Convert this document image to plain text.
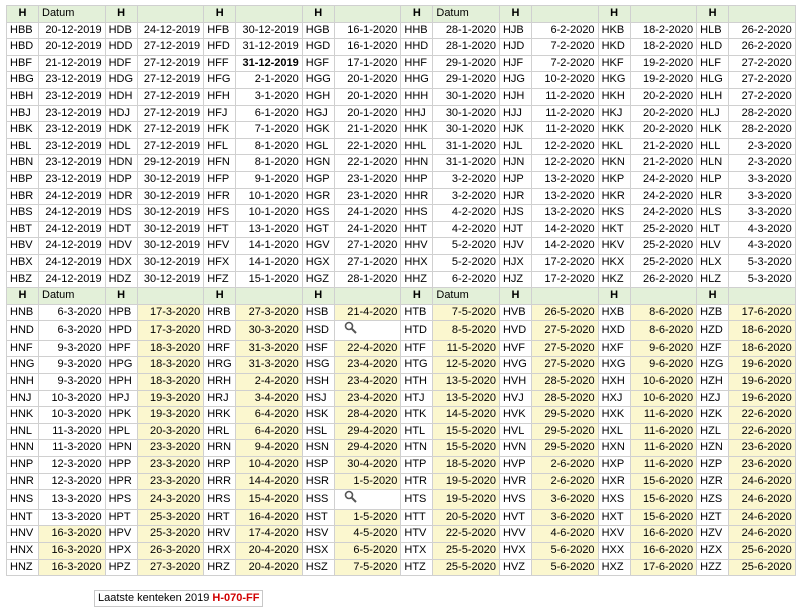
H	Datum	H		H		H		H	Datum	H		H		H	
HBB	20-12-2019	HDB	24-12-2019	HFB	30-12-2019	HGB	16-1-2020	HHB	28-1-2020	HJB	6-2-2020	HKB	18-2-2020	HLB	26-2-2020
HBD	20-12-2019	HDD	27-12-2019	HFD	31-12-2019	HGD	16-1-2020	HHD	28-1-2020	HJD	7-2-2020	HKD	18-2-2020	HLD	26-2-2020
HBF	21-12-2019	HDF	27-12-2019	HFF	31-12-2019	HGF	17-1-2020	HHF	29-1-2020	HJF	7-2-2020	HKF	19-2-2020	HLF	27-2-2020
HBG	23-12-2019	HDG	27-12-2019	HFG	2-1-2020	HGG	20-1-2020	HHG	29-1-2020	HJG	10-2-2020	HKG	19-2-2020	HLG	27-2-2020
HBH	23-12-2019	HDH	27-12-2019	HFH	3-1-2020	HGH	20-1-2020	HHH	30-1-2020	HJH	11-2-2020	HKH	20-2-2020	HLH	27-2-2020
HBJ	23-12-2019	HDJ	27-12-2019	HFJ	6-1-2020	HGJ	20-1-2020	HHJ	30-1-2020	HJJ	11-2-2020	HKJ	20-2-2020	HLJ	28-2-2020
HBK	23-12-2019	HDK	27-12-2019	HFK	7-1-2020	HGK	21-1-2020	HHK	30-1-2020	HJK	11-2-2020	HKK	20-2-2020	HLK	28-2-2020
HBL	23-12-2019	HDL	27-12-2019	HFL	8-1-2020	HGL	22-1-2020	HHL	31-1-2020	HJL	12-2-2020	HKL	21-2-2020	HLL	2-3-2020
HBN	23-12-2019	HDN	29-12-2019	HFN	8-1-2020	HGN	22-1-2020	HHN	31-1-2020	HJN	12-2-2020	HKN	21-2-2020	HLN	2-3-2020
HBP	23-12-2019	HDP	30-12-2019	HFP	9-1-2020	HGP	23-1-2020	HHP	3-2-2020	HJP	13-2-2020	HKP	24-2-2020	HLP	3-3-2020
HBR	24-12-2019	HDR	30-12-2019	HFR	10-1-2020	HGR	23-1-2020	HHR	3-2-2020	HJR	13-2-2020	HKR	24-2-2020	HLR	3-3-2020
HBS	24-12-2019	HDS	30-12-2019	HFS	10-1-2020	HGS	24-1-2020	HHS	4-2-2020	HJS	13-2-2020	HKS	24-2-2020	HLS	3-3-2020
HBT	24-12-2019	HDT	30-12-2019	HFT	13-1-2020	HGT	24-1-2020	HHT	4-2-2020	HJT	14-2-2020	HKT	25-2-2020	HLT	4-3-2020
HBV	24-12-2019	HDV	30-12-2019	HFV	14-1-2020	HGV	27-1-2020	HHV	5-2-2020	HJV	14-2-2020	HKV	25-2-2020	HLV	4-3-2020
HBX	24-12-2019	HDX	30-12-2019	HFX	14-1-2020	HGX	27-1-2020	HHX	5-2-2020	HJX	17-2-2020	HKX	25-2-2020	HLX	5-3-2020
HBZ	24-12-2019	HDZ	30-12-2019	HFZ	15-1-2020	HGZ	28-1-2020	HHZ	6-2-2020	HJZ	17-2-2020	HKZ	26-2-2020	HLZ	5-3-2020
H	Datum	H		H		H		H	Datum	H		H		H	
HNB	6-3-2020	HPB	17-3-2020	HRB	27-3-2020	HSB	21-4-2020	HTB	7-5-2020	HVB	26-5-2020	HXB	8-6-2020	HZB	17-6-2020
HND	6-3-2020	HPD	17-3-2020	HRD	30-3-2020	HSD		HTD	8-5-2020	HVD	27-5-2020	HXD	8-6-2020	HZD	18-6-2020
HNF	9-3-2020	HPF	18-3-2020	HRF	31-3-2020	HSF	22-4-2020	HTF	11-5-2020	HVF	27-5-2020	HXF	9-6-2020	HZF	18-6-2020
HNG	9-3-2020	HPG	18-3-2020	HRG	31-3-2020	HSG	23-4-2020	HTG	12-5-2020	HVG	27-5-2020	HXG	9-6-2020	HZG	19-6-2020
HNH	9-3-2020	HPH	18-3-2020	HRH	2-4-2020	HSH	23-4-2020	HTH	13-5-2020	HVH	28-5-2020	HXH	10-6-2020	HZH	19-6-2020
HNJ	10-3-2020	HPJ	19-3-2020	HRJ	3-4-2020	HSJ	23-4-2020	HTJ	13-5-2020	HVJ	28-5-2020	HXJ	10-6-2020	HZJ	19-6-2020
HNK	10-3-2020	HPK	19-3-2020	HRK	6-4-2020	HSK	28-4-2020	HTK	14-5-2020	HVK	29-5-2020	HXK	11-6-2020	HZK	22-6-2020
HNL	11-3-2020	HPL	20-3-2020	HRL	6-4-2020	HSL	29-4-2020	HTL	15-5-2020	HVL	29-5-2020	HXL	11-6-2020	HZL	22-6-2020
HNN	11-3-2020	HPN	23-3-2020	HRN	9-4-2020	HSN	29-4-2020	HTN	15-5-2020	HVN	29-5-2020	HXN	11-6-2020	HZN	23-6-2020
HNP	12-3-2020	HPP	23-3-2020	HRP	10-4-2020	HSP	30-4-2020	HTP	18-5-2020	HVP	2-6-2020	HXP	11-6-2020	HZP	23-6-2020
HNR	12-3-2020	HPR	23-3-2020	HRR	14-4-2020	HSR	1-5-2020	HTR	19-5-2020	HVR	2-6-2020	HXR	15-6-2020	HZR	24-6-2020
HNS	13-3-2020	HPS	24-3-2020	HRS	15-4-2020	HSS		HTS	19-5-2020	HVS	3-6-2020	HXS	15-6-2020	HZS	24-6-2020
HNT	13-3-2020	HPT	25-3-2020	HRT	16-4-2020	HST	1-5-2020	HTT	20-5-2020	HVT	3-6-2020	HXT	15-6-2020	HZT	24-6-2020
HNV	16-3-2020	HPV	25-3-2020	HRV	17-4-2020	HSV	4-5-2020	HTV	22-5-2020	HVV	4-6-2020	HXV	16-6-2020	HZV	24-6-2020
HNX	16-3-2020	HPX	26-3-2020	HRX	20-4-2020	HSX	6-5-2020	HTX	25-5-2020	HVX	5-6-2020	HXX	16-6-2020	HZX	25-6-2020
HNZ	16-3-2020	HPZ	27-3-2020	HRZ	20-4-2020	HSZ	7-5-2020	HTZ	25-5-2020	HVZ	5-6-2020	HXZ	17-6-2020	HZZ	25-6-2020
Laatste kenteken 2019 H-070-FF
